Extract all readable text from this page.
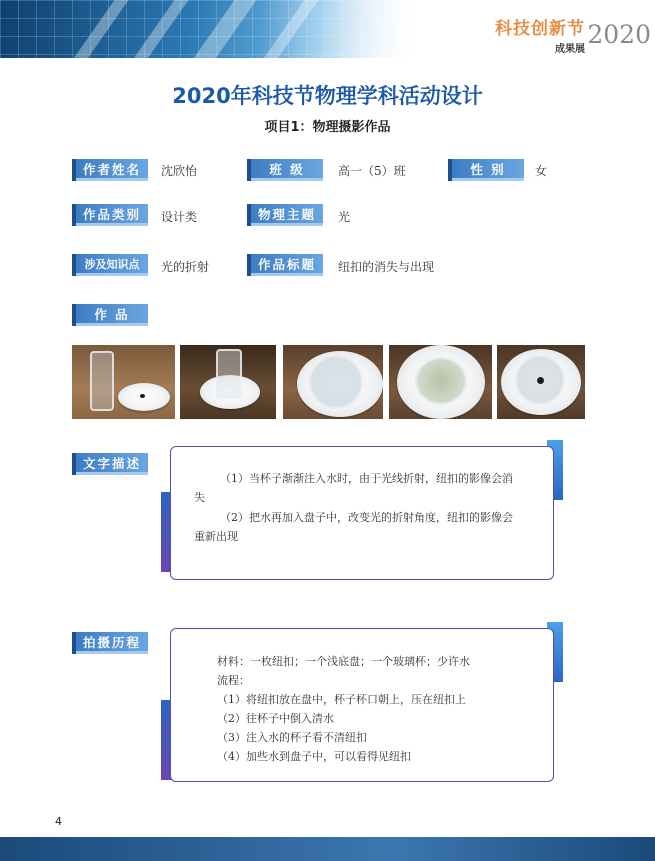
科技创新节
成果展
2020
2020年科技节物理学科活动设计
项目1：物理摄影作品
作者姓名	沈欣怡	班 级	高一（5）班	性 别	女
作品类别	设计类	物理主题	光
涉及知识点	光的折射	作品标题	纽扣的消失与出现
作 品
文字描述
（1）当杯子渐渐注入水时，由于光线折射，纽扣的影像会消
失
（2）把水再加入盘子中，改变光的折射角度，纽扣的影像会
重新出现
拍摄历程
材料：一枚纽扣；一个浅底盘；一个玻璃杯；少许水
流程：
（1）将纽扣放在盘中，杯子杯口朝上，压在纽扣上
（2）往杯子中倒入清水
（3）注入水的杯子看不清纽扣
（4）加些水到盘子中，可以看得见纽扣
4
